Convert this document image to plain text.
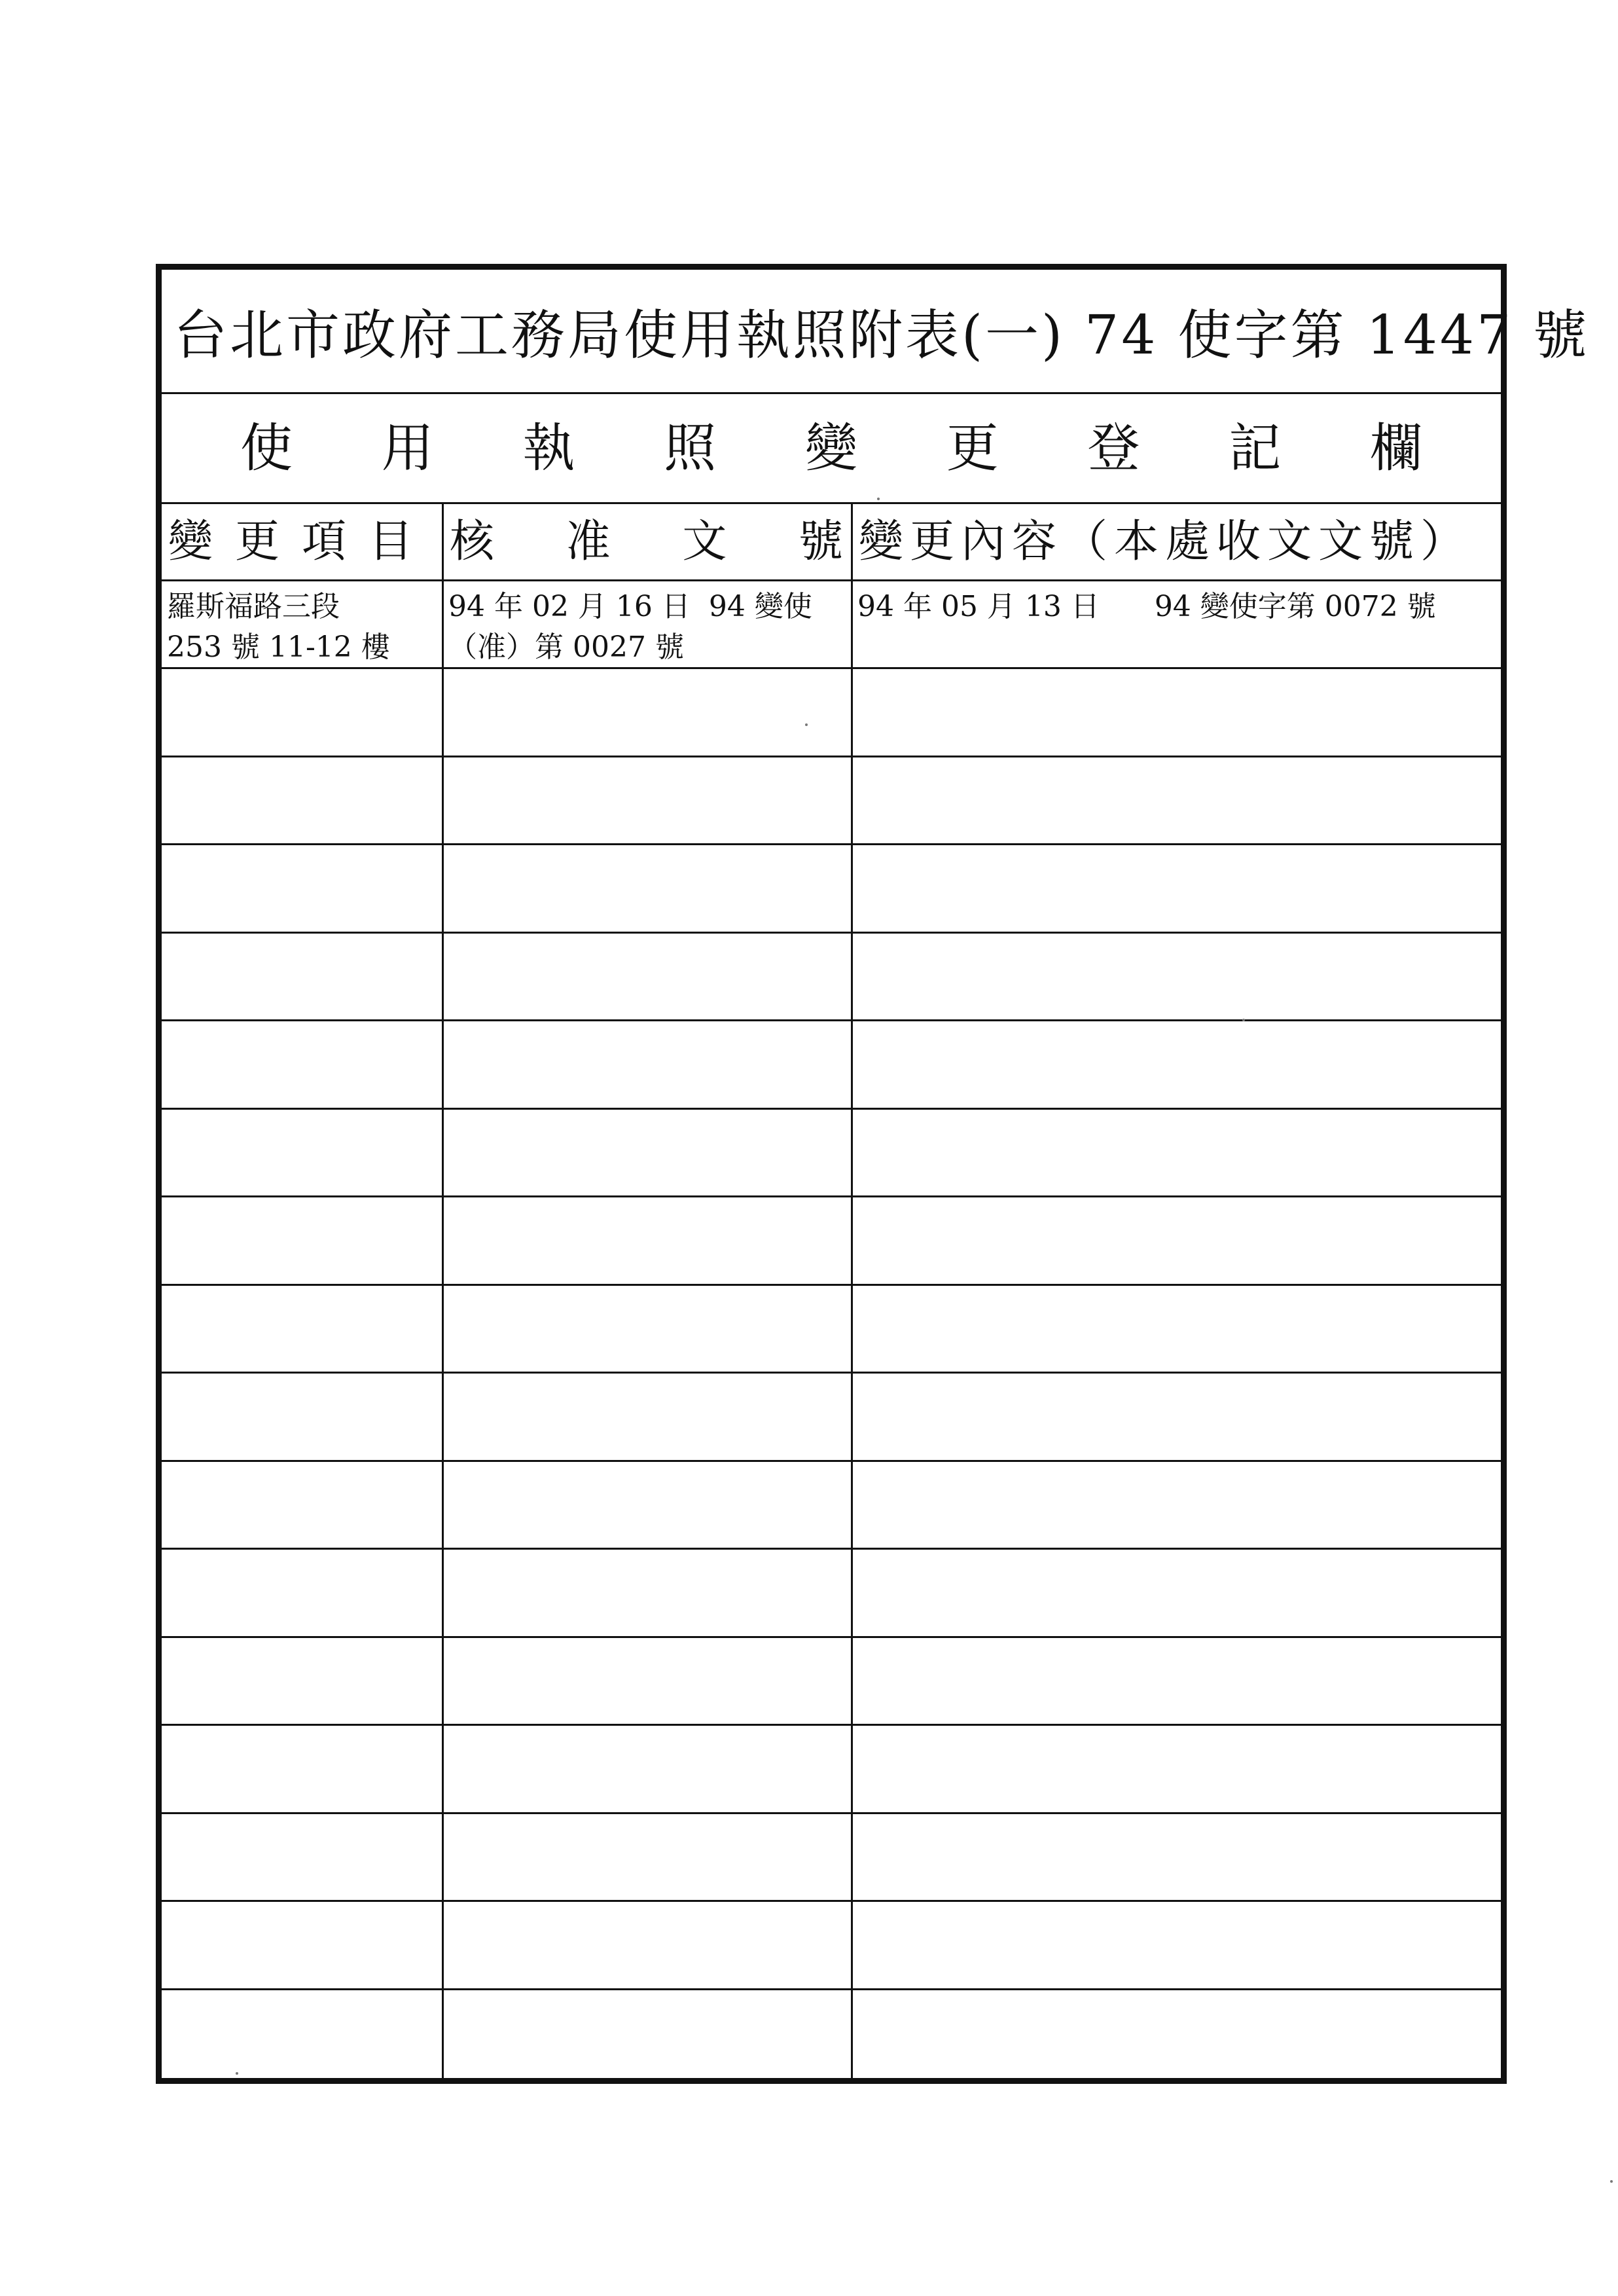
台北市政府工務局使用執照附表(一) 74 使字第 1447 號
使 用 執 照 變 更 登 記 欄
變更項目 核 准 文 號 變更內容（本處收文文號）
羅斯福路三段
253 號 11-12 樓
94 年 02 月 16 日  94 變使
（准）第 0027 號
94 年 05 月 13 日      94 變使字第 0072 號
